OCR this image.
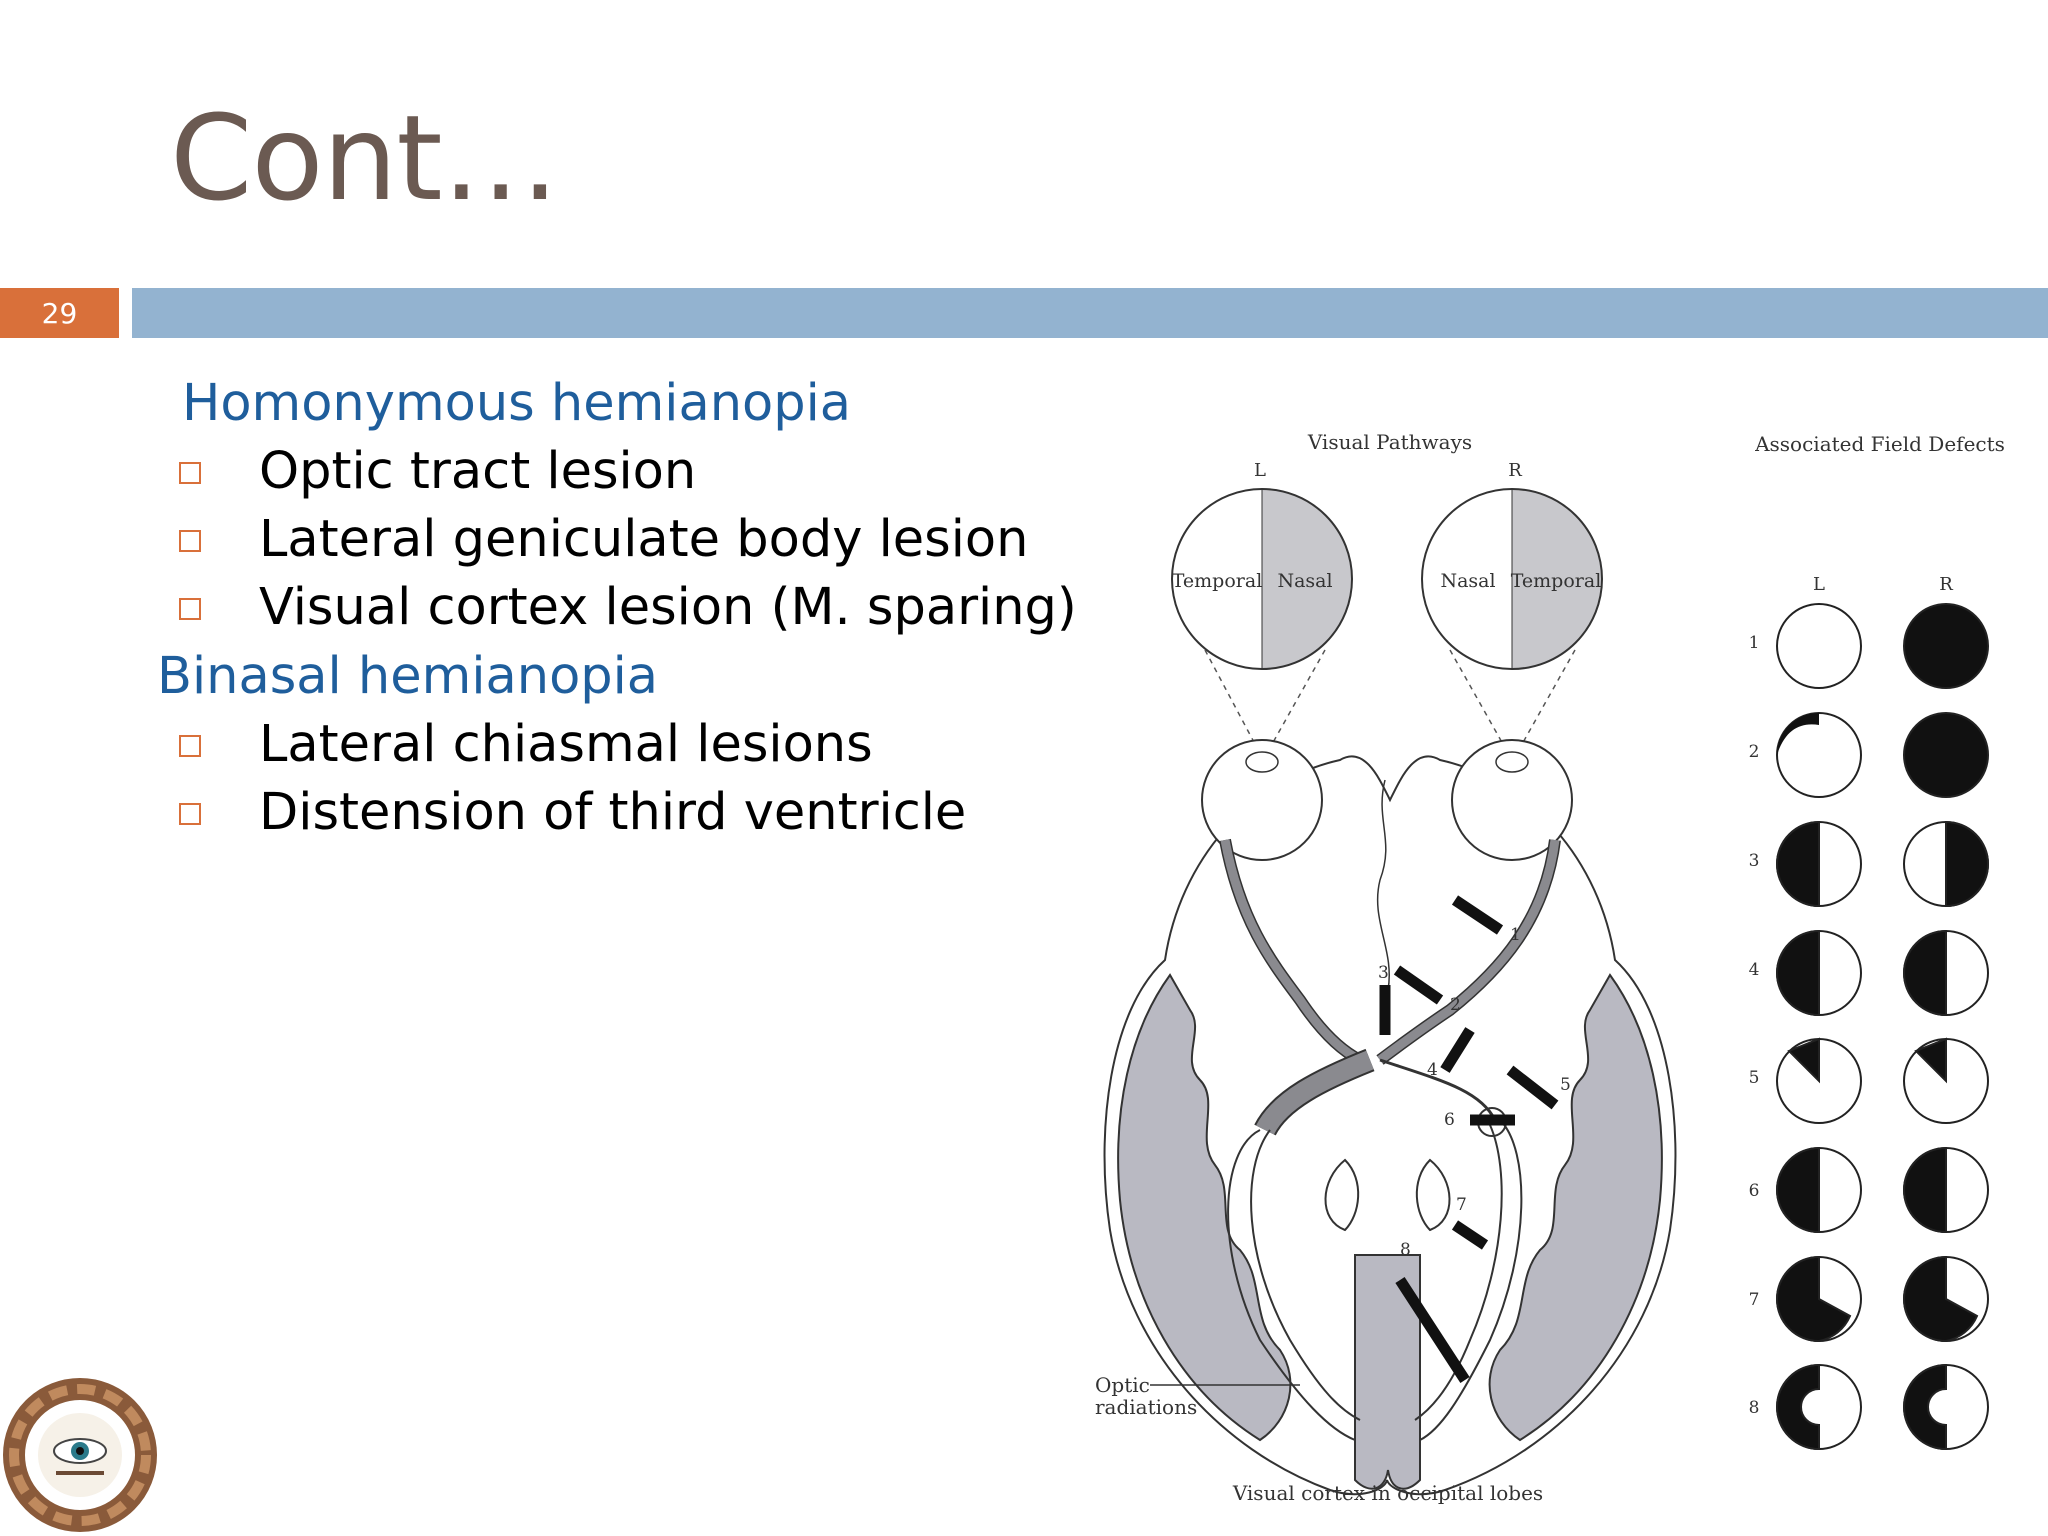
Cont…
29
Homonymous hemianopia
Optic tract lesion
Lateral geniculate body lesion
Visual cortex lesion (M. sparing)
Binasal hemianopia
Lateral chiasmal lesions
Distension of third ventricle
Visual Pathways	Associated Field Defects
L	R
Temporal Nasal	Nasal Temporal
1
2
3
4
5
6
7
8
Optic
radiations
Visual cortex in occipital lobes
L	R
1
2
3
4
5
6
7
8
